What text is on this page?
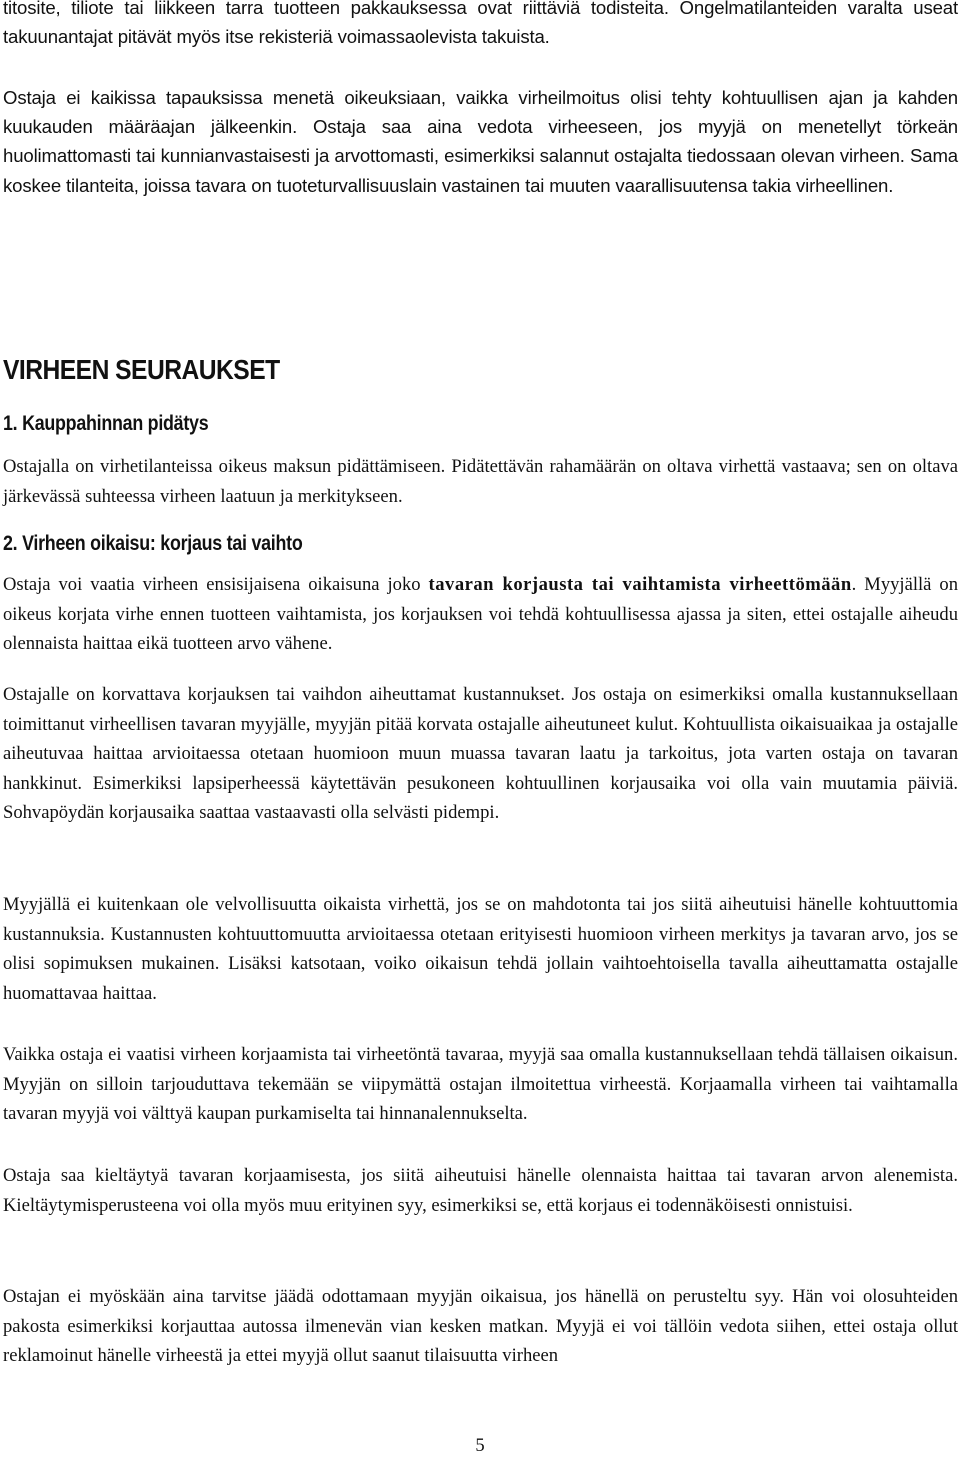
titosite, tiliote tai liikkeen tarra tuotteen pakkauksessa ovat riittäviä todisteita. Ongelmatilanteiden varalta useat takuunantajat pitävät myös itse rekisteriä voimassaolevista takuista.

Ostaja ei kaikissa tapauksissa menetä oikeuksiaan, vaikka virheilmoitus olisi tehty kohtuullisen ajan ja kahden kuukauden määräajan jälkeenkin. Ostaja saa aina vedota virheeseen, jos myyjä on menetellyt törkeän huolimattomasti tai kunnianvastaisesti ja arvottomasti, esimerkiksi salannut ostajalta tiedossaan olevan virheen. Sama koskee tilanteita, joissa tavara on tuoteturvallisuuslain vastainen tai muuten vaarallisuutensa takia virheellinen.

VIRHEEN SEURAUKSET
1. Kauppahinnan pidätys

Ostajalla on virhetilanteissa oikeus maksun pidättämiseen. Pidätettävän rahamäärän on oltava virhettä vastaava; sen on oltava järkevässä suhteessa virheen laatuun ja merkitykseen.

2. Virheen oikaisu: korjaus tai vaihto

Ostaja voi vaatia virheen ensisijaisena oikaisuna joko tavaran korjausta tai vaihtamista virheettömään. Myyjällä on oikeus korjata virhe ennen tuotteen vaihtamista, jos korjauksen voi tehdä kohtuullisessa ajassa ja siten, ettei ostajalle aiheudu olennaista haittaa eikä tuotteen arvo vähene.

Ostajalle on korvattava korjauksen tai vaihdon aiheuttamat kustannukset. Jos ostaja on esimerkiksi omalla kustannuksellaan toimittanut virheellisen tavaran myyjälle, myyjän pitää korvata ostajalle aiheutuneet kulut. Kohtuullista oikaisuaikaa ja ostajalle aiheutuvaa haittaa arvioitaessa otetaan huomioon muun muassa tavaran laatu ja tarkoitus, jota varten ostaja on tavaran hankkinut. Esimerkiksi lapsiperheessä käytettävän pesukoneen kohtuullinen korjausaika voi olla vain muutamia päiviä. Sohvapöydän korjausaika saattaa vastaavasti olla selvästi pidempi.

Myyjällä ei kuitenkaan ole velvollisuutta oikaista virhettä, jos se on mahdotonta tai jos siitä aiheutuisi hänelle kohtuuttomia kustannuksia. Kustannusten kohtuuttomuutta arvioitaessa otetaan erityisesti huomioon virheen merkitys ja tavaran arvo, jos se olisi sopimuksen mukainen. Lisäksi katsotaan, voiko oikaisun tehdä jollain vaihtoehtoisella tavalla aiheuttamatta ostajalle huomattavaa haittaa.

Vaikka ostaja ei vaatisi virheen korjaamista tai virheetöntä tavaraa, myyjä saa omalla kustannuksellaan tehdä tällaisen oikaisun. Myyjän on silloin tarjouduttava tekemään se viipymättä ostajan ilmoitettua virheestä. Korjaamalla virheen tai vaihtamalla tavaran myyjä voi välttyä kaupan purkamiselta tai hinnanalennukselta.

Ostaja saa kieltäytyä tavaran korjaamisesta, jos siitä aiheutuisi hänelle olennaista haittaa tai tavaran arvon alenemista. Kieltäytymisperusteena voi olla myös muu erityinen syy, esimerkiksi se, että korjaus ei todennäköisesti onnistuisi.

Ostajan ei myöskään aina tarvitse jäädä odottamaan myyjän oikaisua, jos hänellä on perusteltu syy. Hän voi olosuhteiden pakosta esimerkiksi korjauttaa autossa ilmenevän vian kesken matkan. Myyjä ei voi tällöin vedota siihen, ettei ostaja ollut reklamoinut hänelle virheestä ja ettei myyjä ollut saanut tilaisuutta virheen

5
